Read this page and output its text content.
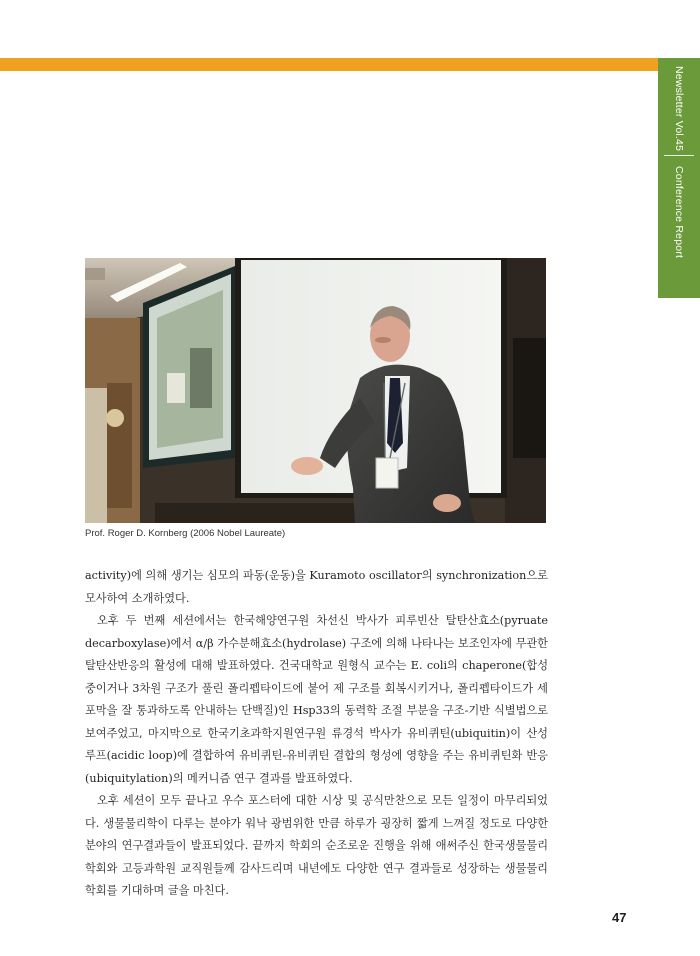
Newsletter Vol.45
Conference Report
Prof. Roger D. Kornberg (2006 Nobel Laureate)

activity)에 의해 생기는 심모의 파동(운동)을 Kuramoto oscillator의 synchronization으로 모사하여 소개하였다.

오후 두 번째 세션에서는 한국해양연구원 차선신 박사가 피루빈산 탈탄산효소(pyruate decarboxylase)에서 α/β 가수분해효소(hydrolase) 구조에 의해 나타나는 보조인자에 무관한 탈탄산반응의 활성에 대해 발표하였다. 건국대학교 원형식 교수는 E. coli의 chaperone(합성중이거나 3차원 구조가 풀린 폴리펩타이드에 붙어 제 구조를 회복시키거나, 폴리펩타이드가 세포막을 잘 통과하도록 안내하는 단백질)인 Hsp33의 동력학 조절 부분을 구조-기반 식별법으로 보여주었고, 마지막으로 한국기초과학지원연구원 류경석 박사가 유비퀴틴(ubiquitin)이 산성 루프(acidic loop)에 결합하여 유비퀴틴-유비퀴틴 결합의 형성에 영향을 주는 유비퀴틴화 반응(ubiquitylation)의 메커니즘 연구 결과를 발표하였다.

오후 세션이 모두 끝나고 우수 포스터에 대한 시상 및 공식만찬으로 모든 일정이 마무리되었다. 생물물리학이 다루는 분야가 워낙 광범위한 만큼 하루가 굉장히 짧게 느껴질 정도로 다양한 분야의 연구결과들이 발표되었다. 끝까지 학회의 순조로운 진행을 위해 애써주신 한국생물물리학회와 고등과학원 교직원들께 감사드리며 내년에도 다양한 연구 결과들로 성장하는 생물물리학회를 기대하며 글을 마친다.

47
